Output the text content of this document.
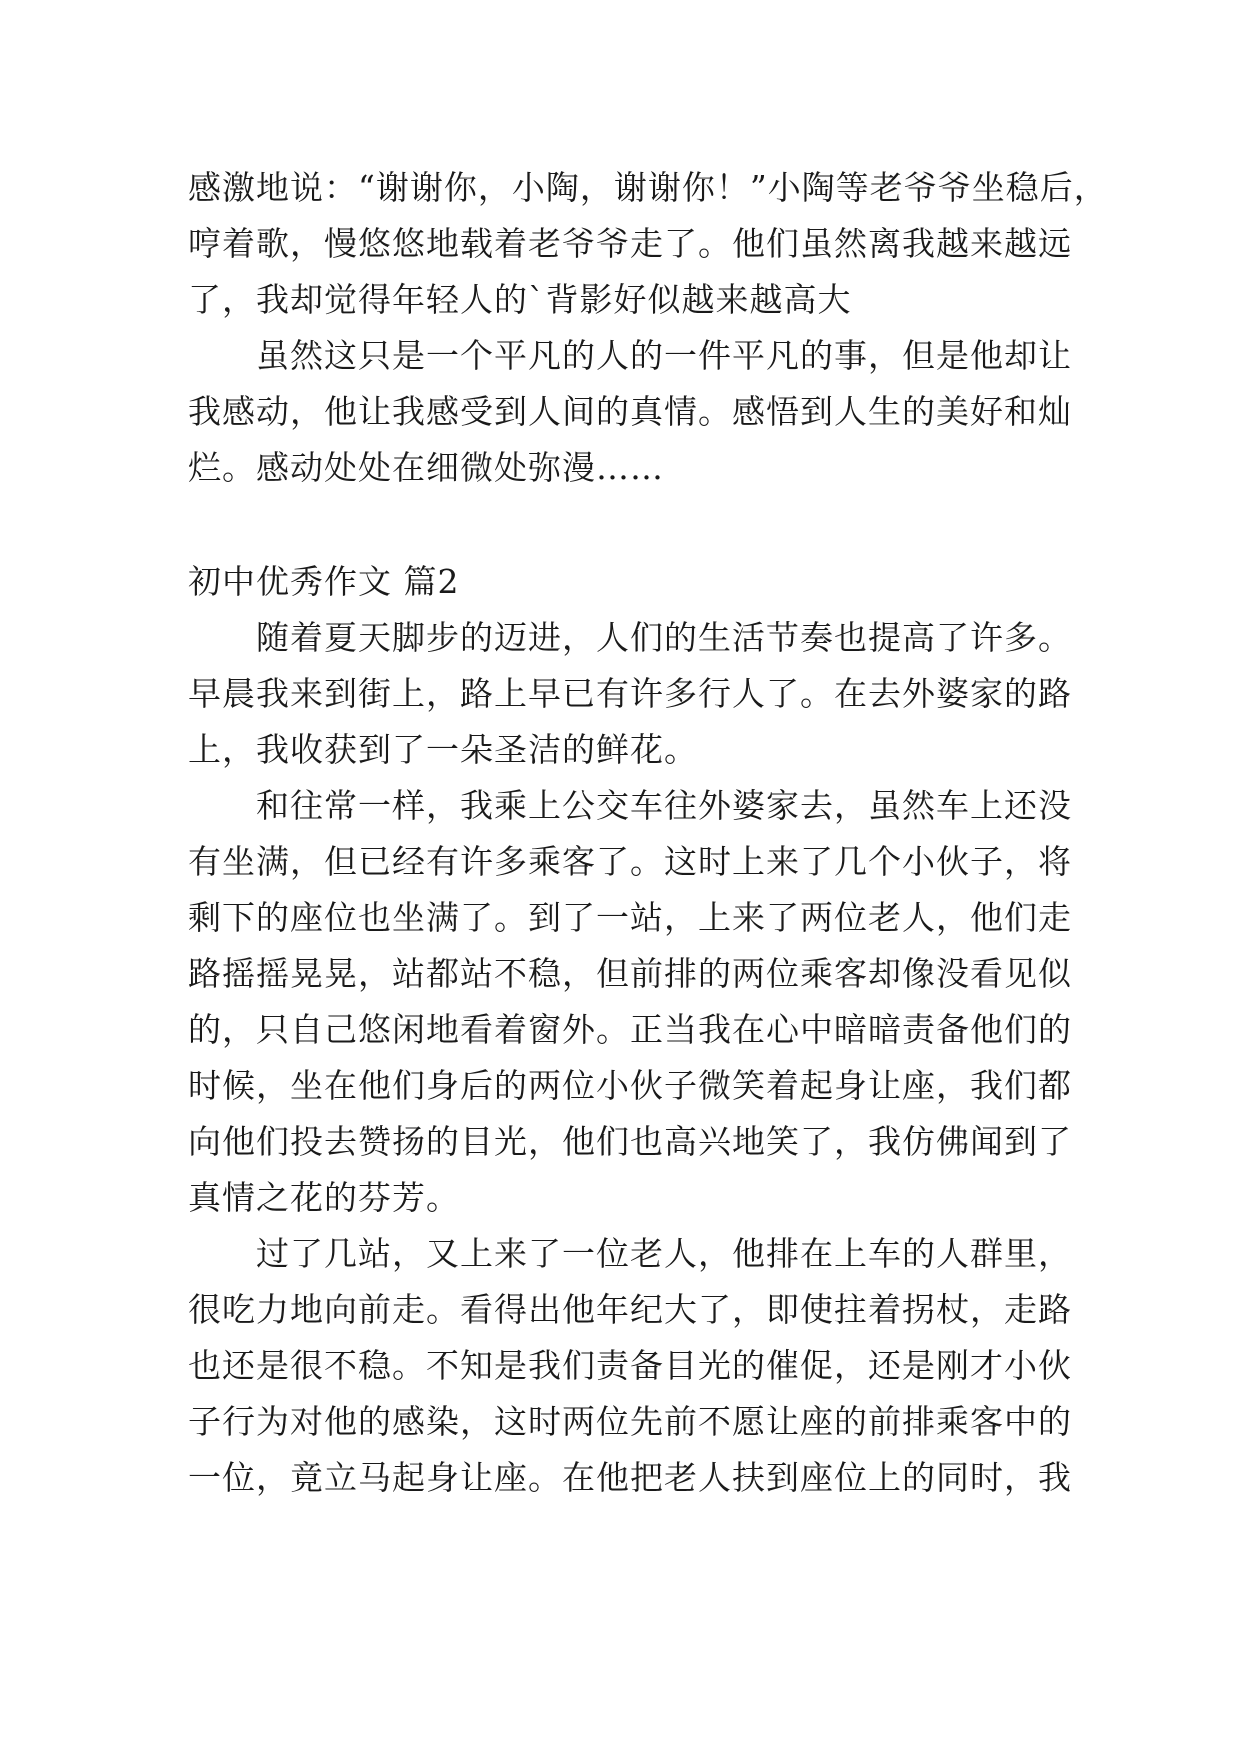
感激地说：“谢谢你，小陶，谢谢你！”小陶等老爷爷坐稳后，
哼着歌，慢悠悠地载着老爷爷走了。他们虽然离我越来越远
了，我却觉得年轻人的`背影好似越来越高大
虽然这只是一个平凡的人的一件平凡的事，但是他却让
我感动，他让我感受到人间的真情。感悟到人生的美好和灿
烂。感动处处在细微处弥漫……
初中优秀作文 篇2
随着夏天脚步的迈进，人们的生活节奏也提高了许多。
早晨我来到街上，路上早已有许多行人了。在去外婆家的路
上，我收获到了一朵圣洁的鲜花。
和往常一样，我乘上公交车往外婆家去，虽然车上还没
有坐满，但已经有许多乘客了。这时上来了几个小伙子，将
剩下的座位也坐满了。到了一站，上来了两位老人，他们走
路摇摇晃晃，站都站不稳，但前排的两位乘客却像没看见似
的，只自己悠闲地看着窗外。正当我在心中暗暗责备他们的
时候，坐在他们身后的两位小伙子微笑着起身让座，我们都
向他们投去赞扬的目光，他们也高兴地笑了，我仿佛闻到了
真情之花的芬芳。
过了几站，又上来了一位老人，他排在上车的人群里，
很吃力地向前走。看得出他年纪大了，即使拄着拐杖，走路
也还是很不稳。不知是我们责备目光的催促，还是刚才小伙
子行为对他的感染，这时两位先前不愿让座的前排乘客中的
一位，竟立马起身让座。在他把老人扶到座位上的同时，我
